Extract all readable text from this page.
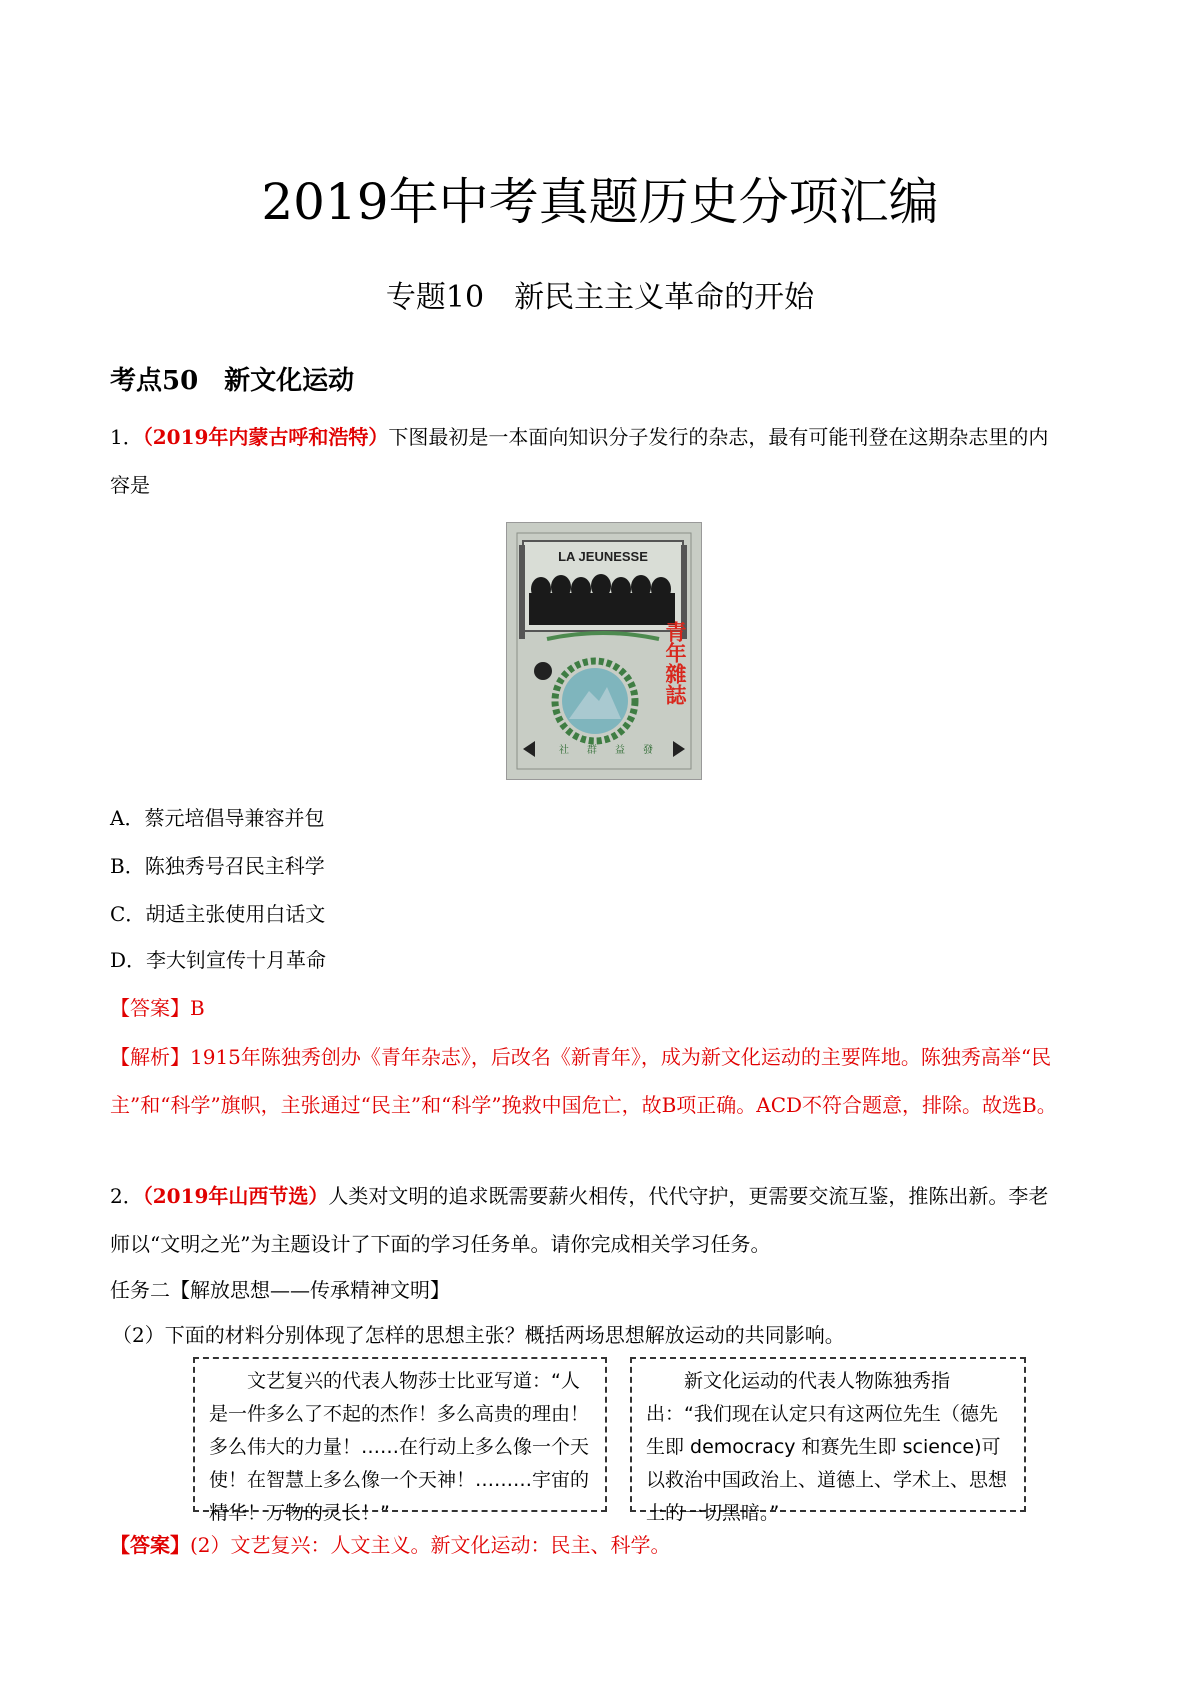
2019年中考真题历史分项汇编
专题10　新民主主义革命的开始
考点50　新文化运动
1．（2019年内蒙古呼和浩特）下图最初是一本面向知识分子发行的杂志，最有可能刊登在这期杂志里的内
容是
LA JEUNESSE
青年雜誌
社 群 益 發
A．蔡元培倡导兼容并包
B．陈独秀号召民主科学
C．胡适主张使用白话文
D．李大钊宣传十月革命
【答案】B
【解析】1915年陈独秀创办《青年杂志》，后改名《新青年》，成为新文化运动的主要阵地。陈独秀高举“民
主”和“科学”旗帜，主张通过“民主”和“科学”挽救中国危亡，故B项正确。ACD不符合题意，排除。故选B。
2．（2019年山西节选）人类对文明的追求既需要薪火相传，代代守护，更需要交流互鉴，推陈出新。李老
师以“文明之光”为主题设计了下面的学习任务单。请你完成相关学习任务。
任务二【解放思想——传承精神文明】
（2）下面的材料分别体现了怎样的思想主张？概括两场思想解放运动的共同影响。

文艺复兴的代表人物莎士比亚写道：“人是一件多么了不起的杰作！多么高贵的理由！多么伟大的力量！……在行动上多么像一个天使！在智慧上多么像一个天神！………宇宙的精华！万物的灵长！”

新文化运动的代表人物陈独秀指出：“我们现在认定只有这两位先生（德先生即 democracy 和赛先生即 science)可以救治中国政治上、道德上、学术上、思想上的一切黑暗。”

【答案】(2）文艺复兴：人文主义。新文化运动：民主、科学。
